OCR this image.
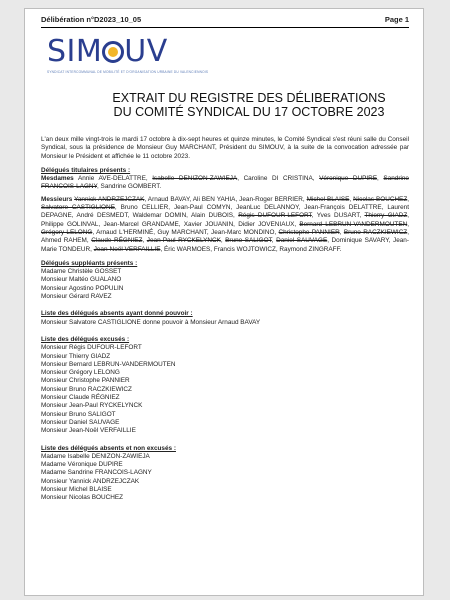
Délibération n°D2023_10_05	Page 1
SIM UV
SYNDICAT INTERCOMMUNAL DE MOBILITÉ ET D'ORGANISATION URBAINE DU VALENCIENNOIS
EXTRAIT DU REGISTRE DES DÉLIBERATIONS
DU COMITÉ SYNDICAL DU 17 OCTOBRE 2023
L'an deux mille vingt-trois le mardi 17 octobre à dix-sept heures et quinze minutes, le Comité Syndical s'est réuni salle du Conseil Syndical, sous la présidence de Monsieur Guy MARCHANT, Président du SIMOUV, à la suite de la convocation adressée par Monsieur le Président et affichée le 11 octobre 2023.
Délégués titulaires présents :
Mesdames Annie AVE-DELATTRE, Isabelle DENIZON-ZAWIEJA, Caroline DI CRISTINA, Véronique DUPIRE, Sandrine FRANCOIS-LAGNY, Sandrine GOMBERT.
Messieurs Yannick ANDRZEJCZAK, Arnaud BAVAY, Ali BEN YAHIA, Jean-Roger BERRIER, Michel BLAISE, Nicolas BOUCHEZ, Salvatore CASTIGLIONE, Bruno CELLIER, Jean-Paul COMYN, JeanLuc DELANNOY, Jean-François DELATTRE, Laurent DEPAGNE, André DESMEDT, Waldemar DOMIN, Alain DUBOIS, Régis DUFOUR-LEFORT, Yves DUSART, Thierry GIADZ, Philippe GOLINVAL, Jean-Marcel GRANDAME, Xavier JOUANIN, Didier JOVENIAUX, Bernard LEBRUN-VANDERMOUTEN, Grégory LELONG, Arnaud L'HERMINÉ, Guy MARCHANT, Jean-Marc MONDINO, Christophe PANNIER, Bruno RACZKIEWICZ, Ahmed RAHEM, Claude RÉGNIEZ, Jean-Paul RYCKELYNCK, Bruno SALIGOT, Daniel SAUVAGE, Dominique SAVARY, Jean-Marie TONDEUR, Jean-Noël VERFAILLIE, Éric WARMOES, Francis WOJTOWICZ, Raymond ZINGRAFF.
Délégués suppléants présents :
Madame Christèle GOSSET
Monsieur Maltéo GUALANO
Monsieur Agostino POPULIN
Monsieur Gérard RAVEZ
Liste des délégués absents ayant donné pouvoir :
Monsieur Salvatore CASTIGLIONE donne pouvoir à Monsieur Arnaud BAVAY
Liste des délégués excusés :
Monsieur Régis DUFOUR-LEFORT
Monsieur Thierry GIADZ
Monsieur Bernard LEBRUN-VANDERMOUTEN
Monsieur Grégory LELONG
Monsieur Christophe PANNIER
Monsieur Bruno RACZKIEWICZ
Monsieur Claude RÉGNIEZ
Monsieur Jean-Paul RYCKELYNCK
Monsieur Bruno SALIGOT
Monsieur Daniel SAUVAGE
Monsieur Jean-Noël VERFAILLIE
Liste des délégués absents et non excusés :
Madame Isabelle DENIZON-ZAWIEJA
Madame Véronique DUPIRE
Madame Sandrine FRANCOIS-LAGNY
Monsieur Yannick ANDRZEJCZAK
Monsieur Michel BLAISE
Monsieur Nicolas BOUCHEZ
